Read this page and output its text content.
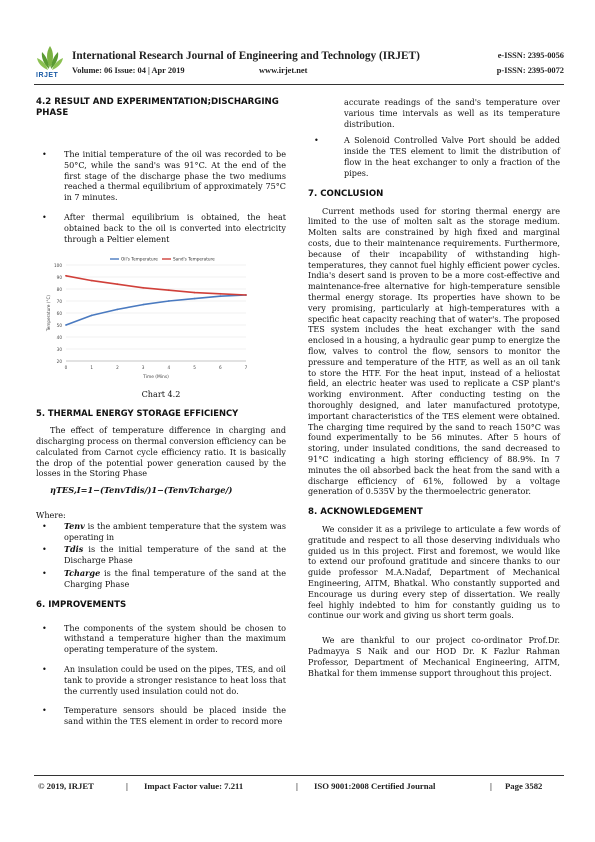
IRJET
International Research Journal of Engineering and Technology (IRJET)
Volume: 06 Issue: 04 | Apr 2019	www.irjet.net
e-ISSN: 2395-0056
p-ISSN: 2395-0072
4.2 RESULT AND EXPERIMENTATION;DISCHARGING PHASE
• The initial temperature of the oil was recorded to be 50°C, while the sand's was 91°C. At the end of the first stage of the discharge phase the two mediums reached a thermal equilibrium of approximately 75°C in 7 minutes.
• After thermal equilibrium is obtained, the heat obtained back to the oil is converted into electricity through a Peltier element
20
30
40
50
60
70
80
90
100
0	1	2	3	4	5	6	7
Time (Mins)
Temperature (°C)
Oil's Temperature	Sand's Temperature
Chart 4.2
5. THERMAL ENERGY STORAGE EFFICIENCY

The effect of temperature difference in charging and discharging process on thermal conversion efficiency can be calculated from Carnot cycle efficiency ratio. It is basically the drop of the potential power generation caused by the losses in the Storing Phase

ηTES,I=1−(TenvTdis/)1−(TenvTcharge/)
Where:
• Tenv is the ambient temperature that the system was operating in
• Tdis is the initial temperature of the sand at the Discharge Phase
• Tcharge is the final temperature of the sand at the Charging Phase
6. IMPROVEMENTS
• The components of the system should be chosen to withstand a temperature higher than the maximum operating temperature of the system.
• An insulation could be used on the pipes, TES, and oil tank to provide a stronger resistance to heat loss that the currently used insulation could not do.
• Temperature sensors should be placed inside the sand within the TES element in order to record more

accurate readings of the sand's temperature over various time intervals as well as its temperature distribution.

• A Solenoid Controlled Valve Port should be added inside the TES element to limit the distribution of flow in the heat exchanger to only a fraction of the pipes.
7. CONCLUSION

Current methods used for storing thermal energy are limited to the use of molten salt as the storage medium. Molten salts are constrained by high fixed and marginal costs, due to their maintenance requirements. Furthermore, because of their incapability of withstanding high-temperatures, they cannot fuel highly efficient power cycles. India's desert sand is proven to be a more cost-effective and maintenance-free alternative for high-temperature sensible thermal energy storage. Its properties have shown to be very promising, particularly at high-temperatures with a specific heat capacity reaching that of water's. The proposed TES system includes the heat exchanger with the sand enclosed in a housing, a hydraulic gear pump to energize the flow, valves to control the flow, sensors to monitor the pressure and temperature of the HTF, as well as an oil tank to store the HTF. For the heat input, instead of a heliostat field, an electric heater was used to replicate a CSP plant's working environment. After conducting testing on the thoroughly designed, and later manufactured prototype, important characteristics of the TES element were obtained. The charging time required by the sand to reach 150°C was found experimentally to be 56 minutes. After 5 hours of storing, under insulated conditions, the sand decreased to 91°C indicating a high storing efficiency of 88.9%. In 7 minutes the oil absorbed back the heat from the sand with a discharge efficiency of 61%, followed by a voltage generation of 0.535V by the thermoelectric generator.

8. ACKNOWLEDGEMENT

We consider it as a privilege to articulate a few words of gratitude and respect to all those deserving individuals who guided us in this project. First and foremost, we would like to extend our profound gratitude and sincere thanks to our guide professor M.A.Nadaf, Department of Mechanical Engineering, AITM, Bhatkal. Who constantly supported and Encourage us during every step of dissertation. We really feel highly indebted to him for constantly guiding us to continue our work and giving us short term goals.

We are thankful to our project co-ordinator Prof.Dr. Padmayya S Naik and our HOD Dr. K Fazlur Rahman Professor, Department of Mechanical Engineering, AITM, Bhatkal for them immense support throughout this project.

© 2019, IRJET	| Impact Factor value: 7.211	| ISO 9001:2008 Certified Journal	| Page 3582
